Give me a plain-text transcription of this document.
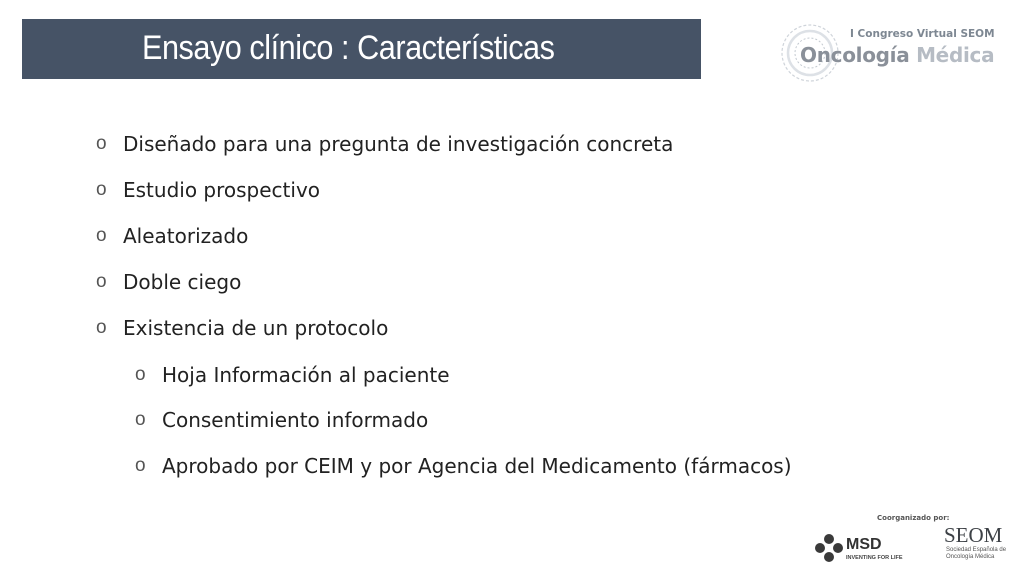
Ensayo clínico : Características	I Congreso Virtual SEOM
Oncología Médica
o Diseñado para una pregunta de investigación concreta
o Estudio prospectivo
o Aleatorizado
o Doble ciego
o Existencia de un protocolo
o Hoja Información al paciente
o Consentimiento informado
o Aprobado por CEIM y por Agencia del Medicamento (fármacos)
Coorganizado por:
MSD
INVENTING FOR LIFE
SEOM
Sociedad Española de Oncología Médica
